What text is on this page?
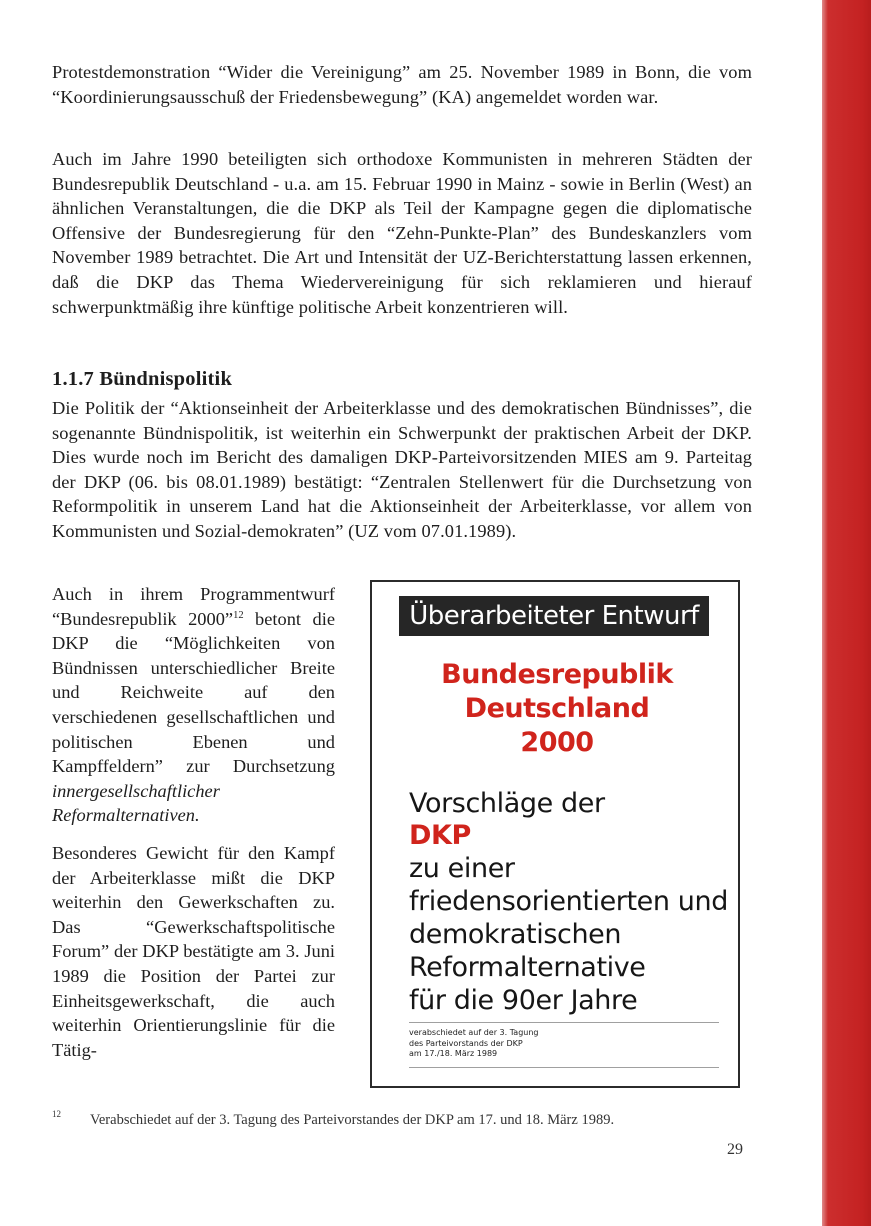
Protestdemonstration “Wider die Vereinigung” am 25. November 1989 in Bonn, die vom “Koordinierungsausschuß der Friedensbewegung” (KA) angemeldet worden war.

Auch im Jahre 1990 beteiligten sich orthodoxe Kommunisten in mehreren Städten der Bundesrepublik Deutschland - u.a. am 15. Februar 1990 in Mainz - sowie in Berlin (West) an ähnlichen Veranstaltungen, die die DKP als Teil der Kampagne gegen die diplomatische Offensive der Bundesregierung für den “Zehn-Punkte-Plan” des Bundeskanzlers vom November 1989 betrachtet. Die Art und Intensität der UZ-Berichterstattung lassen erkennen, daß die DKP das Thema Wiedervereinigung für sich reklamieren und hierauf schwerpunktmäßig ihre künftige politische Arbeit konzentrieren will.

1.1.7 Bündnispolitik

Die Politik der “Aktionseinheit der Arbeiterklasse und des demokratischen Bündnisses”, die sogenannte Bündnispolitik, ist weiterhin ein Schwerpunkt der praktischen Arbeit der DKP. Dies wurde noch im Bericht des damaligen DKP-Parteivorsitzenden MIES am 9. Parteitag der DKP (06. bis 08.01.1989) bestätigt: “Zentralen Stellenwert für die Durchsetzung von Reformpolitik in unserem Land hat die Aktionseinheit der Arbeiterklasse, vor allem von Kommunisten und Sozial-demokraten” (UZ vom 07.01.1989).

Auch in ihrem Programmentwurf “Bundesrepublik 2000”$^{12}$ betont die DKP die “Möglichkeiten von Bündnissen unterschiedlicher Breite und Reichweite auf den verschiedenen gesellschaftlichen und politischen Ebenen und Kampffeldern” zur Durchsetzung innergesellschaftlicher Reformalternativen.

Besonderes Gewicht für den Kampf der Arbeiterklasse mißt die DKP weiterhin den Gewerkschaften zu. Das “Gewerkschaftspolitische Forum” der DKP bestätigte am 3. Juni 1989 die Position der Partei zur Einheitsgewerkschaft, die auch weiterhin Orientierungslinie für die Tätig-

Überarbeiteter Entwurf
Bundesrepublik
Deutschland
2000
Vorschläge der
DKP
zu einer
friedensorientierten und
demokratischen
Reformalternative
für die 90er Jahre
verabschiedet auf der 3. Tagung
des Parteivorstands der DKP
am 17./18. März 1989
12 Verabschiedet auf der 3. Tagung des Parteivorstandes der DKP am 17. und 18. März 1989.
29
